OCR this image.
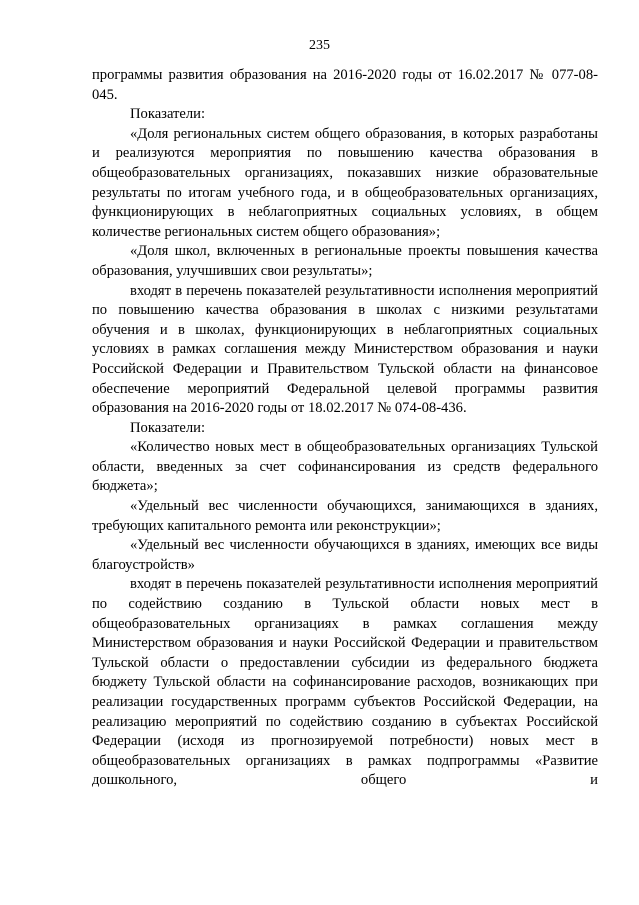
235

программы развития образования на 2016-2020 годы от 16.02.2017 № 077-08-045.

Показатели:

«Доля региональных систем общего образования, в которых разработаны и реализуются мероприятия по повышению качества образования в общеобразовательных организациях, показавших низкие образовательные результаты по итогам учебного года, и в общеобразовательных организациях, функционирующих в неблагоприятных социальных условиях, в общем количестве региональных систем общего образования»;

«Доля школ, включенных в региональные проекты повышения качества образования, улучшивших свои результаты»;

входят в перечень показателей результативности исполнения мероприятий по повышению качества образования в школах с низкими результатами обучения и в школах, функционирующих в неблагоприятных социальных условиях в рамках соглашения между Министерством образования и науки Российской Федерации и Правительством Тульской области на финансовое обеспечение мероприятий Федеральной целевой программы развития образования на 2016-2020 годы от 18.02.2017 № 074-08-436.

Показатели:

«Количество новых мест в общеобразовательных организациях Тульской области, введенных за счет софинансирования из средств федерального бюджета»;

«Удельный вес численности обучающихся, занимающихся в зданиях, требующих капитального ремонта или реконструкции»;

«Удельный вес численности обучающихся в зданиях, имеющих все виды благоустройств»

входят в перечень показателей результативности исполнения мероприятий по содействию созданию в Тульской области новых мест в общеобразовательных организациях в рамках соглашения между Министерством образования и науки Российской Федерации и правительством Тульской области о предоставлении субсидии из федерального бюджета бюджету Тульской области на софинансирование расходов, возникающих при реализации государственных программ субъектов Российской Федерации, на реализацию мероприятий по содействию созданию в субъектах Российской Федерации (исходя из прогнозируемой потребности) новых мест в общеобразовательных организациях в рамках подпрограммы «Развитие дошкольного, общего и
